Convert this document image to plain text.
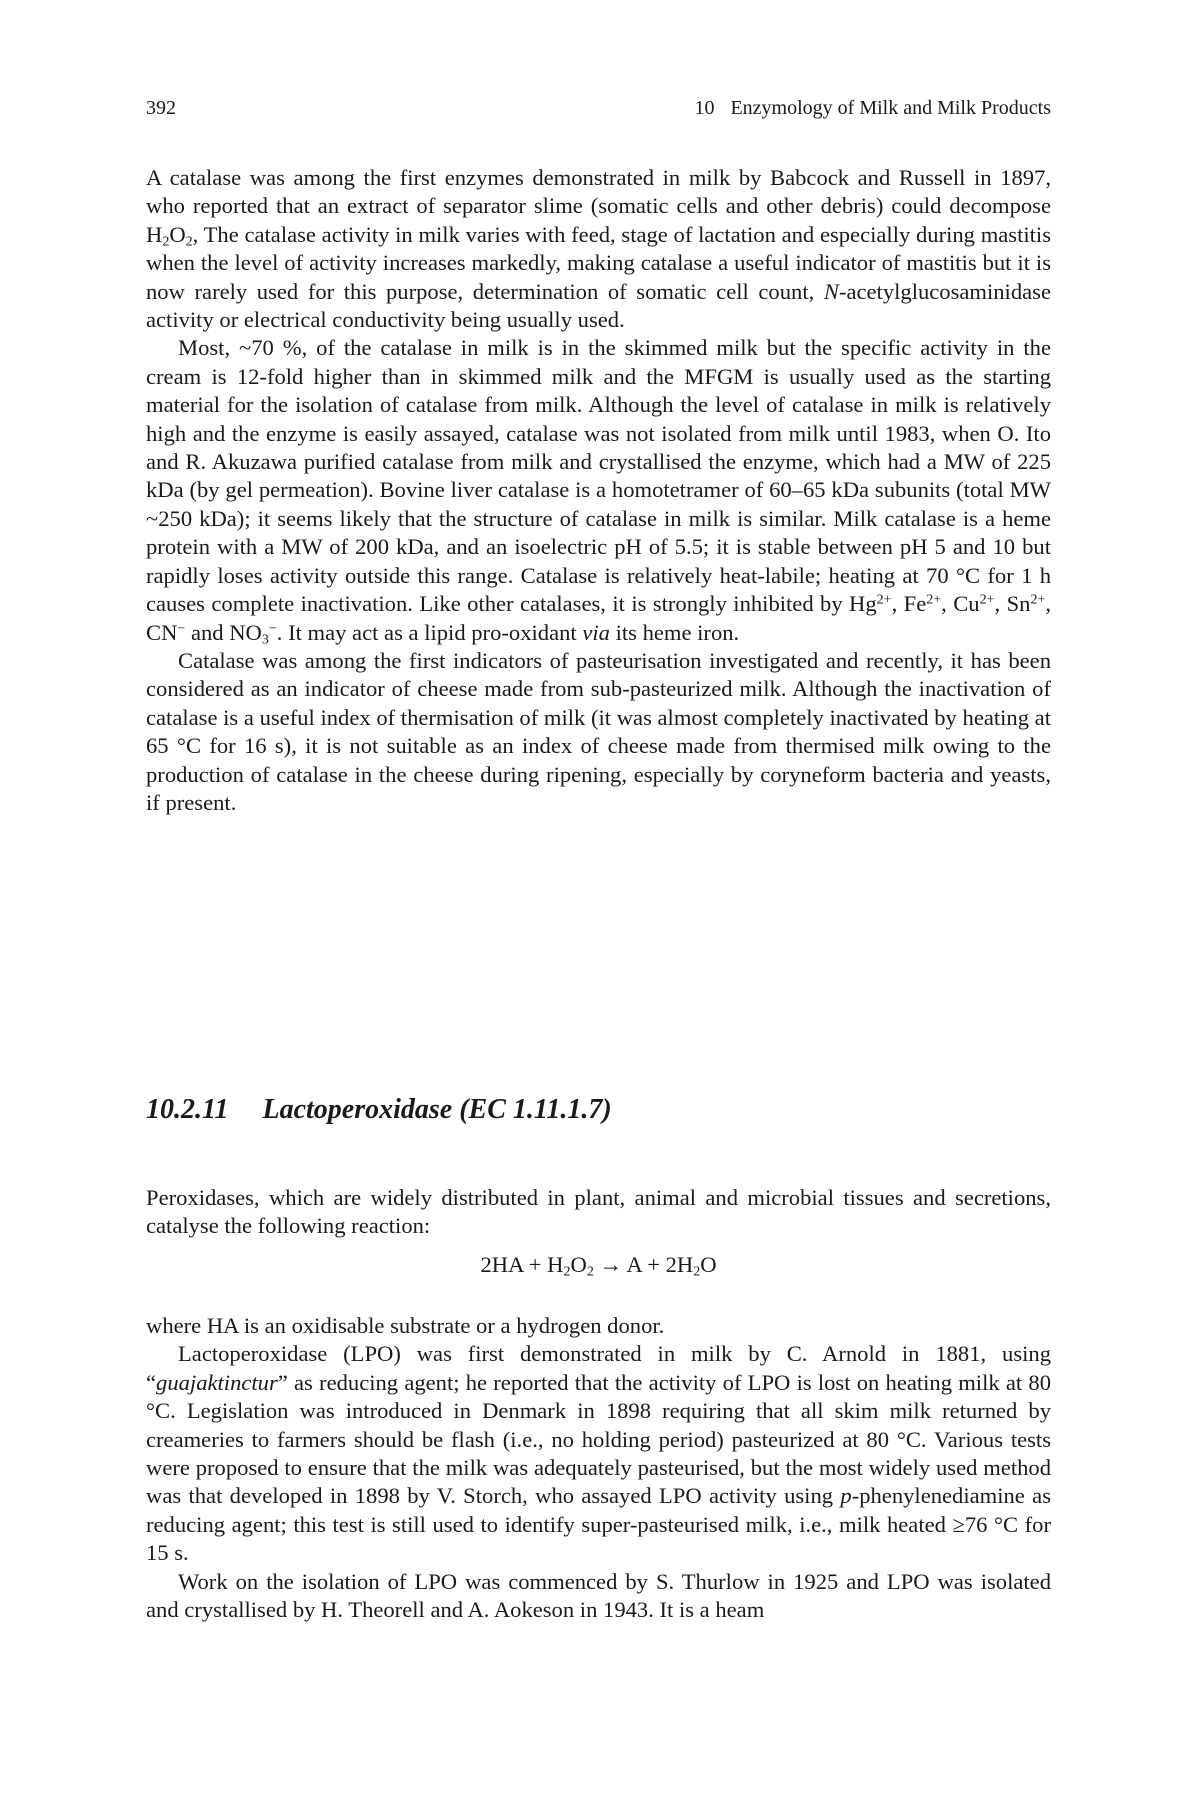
392	10 Enzymology of Milk and Milk Products

A catalase was among the first enzymes demonstrated in milk by Babcock and Russell in 1897, who reported that an extract of separator slime (somatic cells and other debris) could decompose $H_2O_2$, The catalase activity in milk varies with feed, stage of lactation and especially during mastitis when the level of activity increases markedly, making catalase a useful indicator of mastitis but it is now rarely used for this purpose, determination of somatic cell count, N-acetylglucosaminidase activity or electrical conductivity being usually used.

Most, ~70 %, of the catalase in milk is in the skimmed milk but the specific activity in the cream is 12-fold higher than in skimmed milk and the MFGM is usually used as the starting material for the isolation of catalase from milk. Although the level of catalase in milk is relatively high and the enzyme is easily assayed, catalase was not isolated from milk until 1983, when O. Ito and R. Akuzawa purified catalase from milk and crystallised the enzyme, which had a MW of 225 kDa (by gel permeation). Bovine liver catalase is a homotetramer of 60–65 kDa subunits (total MW ~250 kDa); it seems likely that the structure of catalase in milk is similar. Milk catalase is a heme protein with a MW of 200 kDa, and an isoelectric pH of 5.5; it is stable between pH 5 and 10 but rapidly loses activity outside this range. Catalase is relatively heat-labile; heating at 70 °C for 1 h causes complete inactivation. Like other catalases, it is strongly inhibited by $Hg^{2+}$, $Fe^{2+}$, $Cu^{2+}$, $Sn^{2+}$, CN− and $NO_3^-$. It may act as a lipid pro-oxidant via its heme iron.

Catalase was among the first indicators of pasteurisation investigated and recently, it has been considered as an indicator of cheese made from sub-pasteurized milk. Although the inactivation of catalase is a useful index of thermisation of milk (it was almost completely inactivated by heating at 65 °C for 16 s), it is not suitable as an index of cheese made from thermised milk owing to the production of catalase in the cheese during ripening, especially by coryneform bacteria and yeasts, if present.

10.2.11 Lactoperoxidase (EC 1.11.1.7)

Peroxidases, which are widely distributed in plant, animal and microbial tissues and secretions, catalyse the following reaction:

$2HA + H_2O_2 \to A + 2H_2O$

where HA is an oxidisable substrate or a hydrogen donor.

Lactoperoxidase (LPO) was first demonstrated in milk by C. Arnold in 1881, using “guajaktinctur” as reducing agent; he reported that the activity of LPO is lost on heating milk at 80 °C. Legislation was introduced in Denmark in 1898 requiring that all skim milk returned by creameries to farmers should be flash (i.e., no holding period) pasteurized at 80 °C. Various tests were proposed to ensure that the milk was adequately pasteurised, but the most widely used method was that developed in 1898 by V. Storch, who assayed LPO activity using p-phenylenediamine as reducing agent; this test is still used to identify super-pasteurised milk, i.e., milk heated ≥76 °C for 15 s.

Work on the isolation of LPO was commenced by S. Thurlow in 1925 and LPO was isolated and crystallised by H. Theorell and A. Aokeson in 1943. It is a heam
